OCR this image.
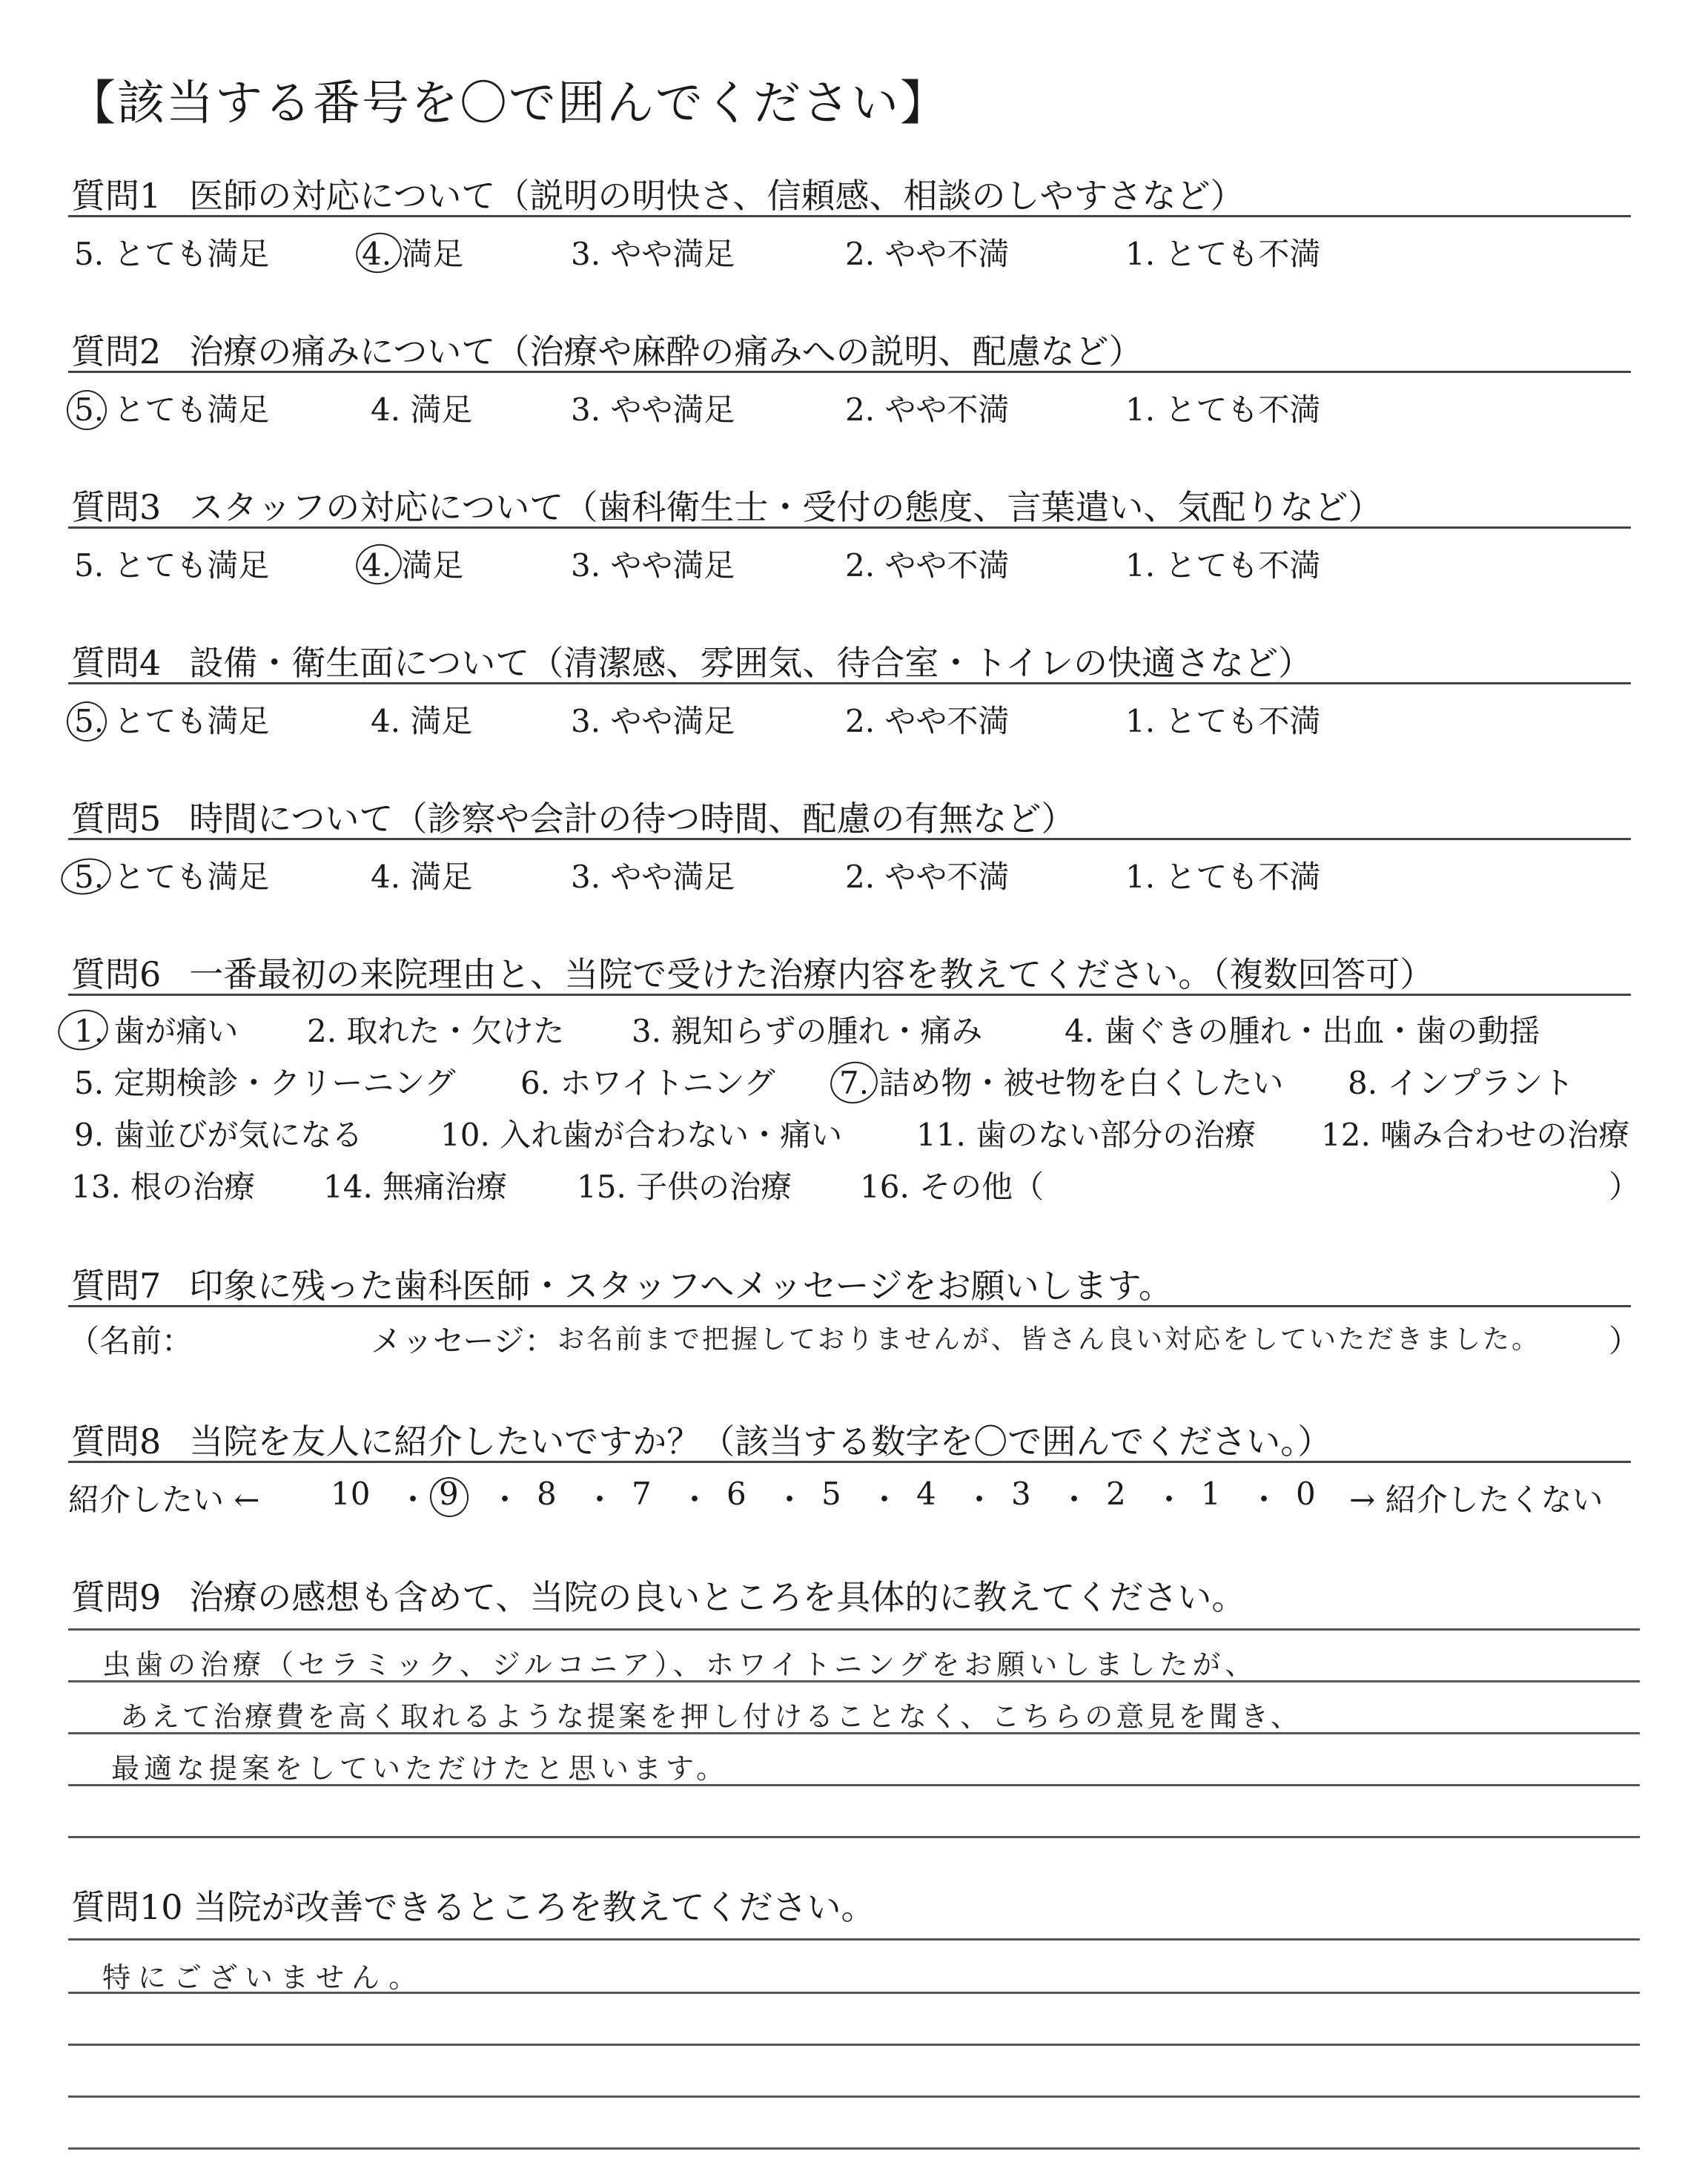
【該当する番号を〇で囲んでください】
質問1 医師の対応について（説明の明快さ、信頼感、相談のしやすさなど）
5. とても満足	4. 満足	3. やや満足	2. やや不満	1. とても不満
質問2 治療の痛みについて（治療や麻酔の痛みへの説明、配慮など）
5. とても満足	4. 満足	3. やや満足	2. やや不満	1. とても不満
質問3 スタッフの対応について（歯科衛生士・受付の態度、言葉遣い、気配りなど）
5. とても満足	4. 満足	3. やや満足	2. やや不満	1. とても不満
質問4 設備・衛生面について（清潔感、雰囲気、待合室・トイレの快適さなど）
5. とても満足	4. 満足	3. やや満足	2. やや不満	1. とても不満
質問5 時間について（診察や会計の待つ時間、配慮の有無など）
5. とても満足	4. 満足	3. やや満足	2. やや不満	1. とても不満
質問6 一番最初の来院理由と、当院で受けた治療内容を教えてください。（複数回答可）
1. 歯が痛い 2. 取れた・欠けた 3. 親知らずの腫れ・痛み	4. 歯ぐきの腫れ・出血・歯の動揺
5. 定期検診・クリーニング 6. ホワイトニング 7. 詰め物・被せ物を白くしたい 8. インプラント
9. 歯並びが気になる 10. 入れ歯が合わない・痛い 11. 歯のない部分の治療 12. 噛み合わせの治療
13. 根の治療 14. 無痛治療 15. 子供の治療 16. その他（	）
質問7 印象に残った歯科医師・スタッフへメッセージをお願いします。
（名前：	メッセージ： お名前まで把握しておりませんが、皆さん良い対応をしていただきました。 ）
質問8 当院を友人に紹介したいですか？（該当する数字を〇で囲んでください。）
紹介したい ←	→ 紹介したくない
10 ・ 9 ・ 8 ・ 7 ・ 6 ・ 5 ・ 4 ・ 3 ・ 2 ・ 1 ・ 0
質問9 治療の感想も含めて、当院の良いところを具体的に教えてください。
虫歯の治療（セラミック、ジルコニア）、ホワイトニングをお願いしましたが、
あえて治療費を高く取れるような提案を押し付けることなく、こちらの意見を聞き、
最適な提案をしていただけたと思います。
質問10 当院が改善できるところを教えてください。
特にございません。
